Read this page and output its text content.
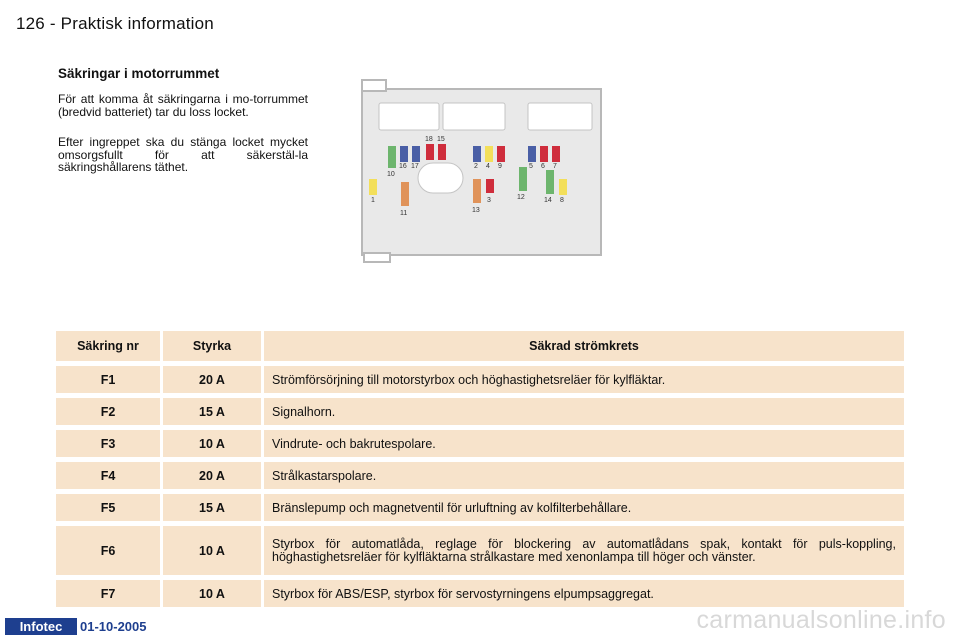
126 - Praktisk information
Säkringar i motorrummet
För att komma åt säkringarna i mo-torrummet (bredvid batteriet) tar du loss locket.
Efter ingreppet ska du stänga locket mycket omsorgsfullt för att säkerstäl-la säkringshållarens täthet.
1
10
16 17
18 15
2 4 9	5 6 7
3
13
11
12	14 8
Säkring nr	Styrka	Säkrad strömkrets
F1	20 A	Strömförsörjning till motorstyrbox och höghastighetsreläer för kylfläktar.
F2	15 A	Signalhorn.
F3	10 A	Vindrute- och bakrutespolare.
F4	20 A	Strålkastarspolare.
F5	15 A	Bränslepump och magnetventil för urluftning av kolfilterbehållare.
F6	10 A	Styrbox för automatlåda, reglage för blockering av automatlådans spak, kontakt för puls-koppling, höghastighetsreläer för kylfläktarna strålkastare med xenonlampa till höger och vänster.
F7	10 A	Styrbox för ABS/ESP, styrbox för servostyrningens elpumpsaggregat.
Infotec	01-10-2005	carmanualsonline.info
